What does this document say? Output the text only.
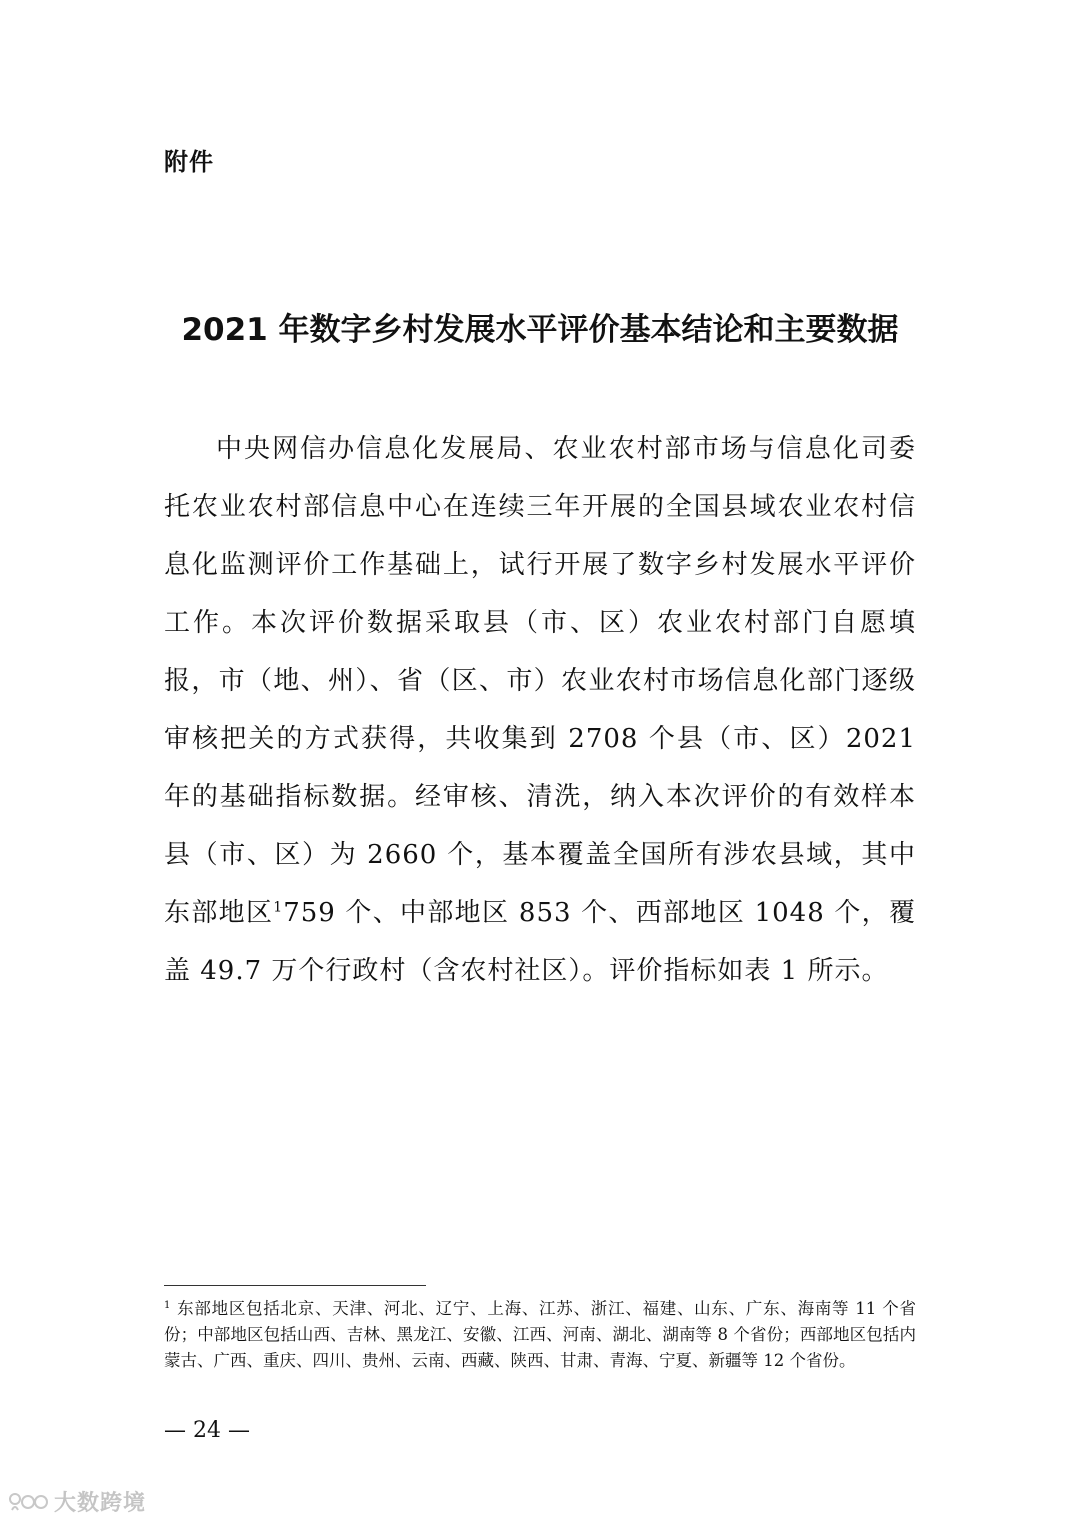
附件
2021 年数字乡村发展水平评价基本结论和主要数据

中央网信办信息化发展局、农业农村部市场与信息化司委托农业农村部信息中心在连续三年开展的全国县域农业农村信息化监测评价工作基础上，试行开展了数字乡村发展水平评价工作。本次评价数据采取县（市、区）农业农村部门自愿填报，市（地、州）、省（区、市）农业农村市场信息化部门逐级审核把关的方式获得，共收集到 2708 个县（市、区）2021 年的基础指标数据。经审核、清洗，纳入本次评价的有效样本县（市、区）为 2660 个，基本覆盖全国所有涉农县域，其中东部地区$^1$759 个、中部地区 853 个、西部地区 1048 个，覆盖 49.7 万个行政村（含农村社区）。评价指标如表 1 所示。

$^1$ 东部地区包括北京、天津、河北、辽宁、上海、江苏、浙江、福建、山东、广东、海南等 11 个省份；中部地区包括山西、吉林、黑龙江、安徽、江西、河南、湖北、湖南等 8 个省份；西部地区包括内蒙古、广西、重庆、四川、贵州、云南、西藏、陕西、甘肃、青海、宁夏、新疆等 12 个省份。

— 24 —
大数跨境
